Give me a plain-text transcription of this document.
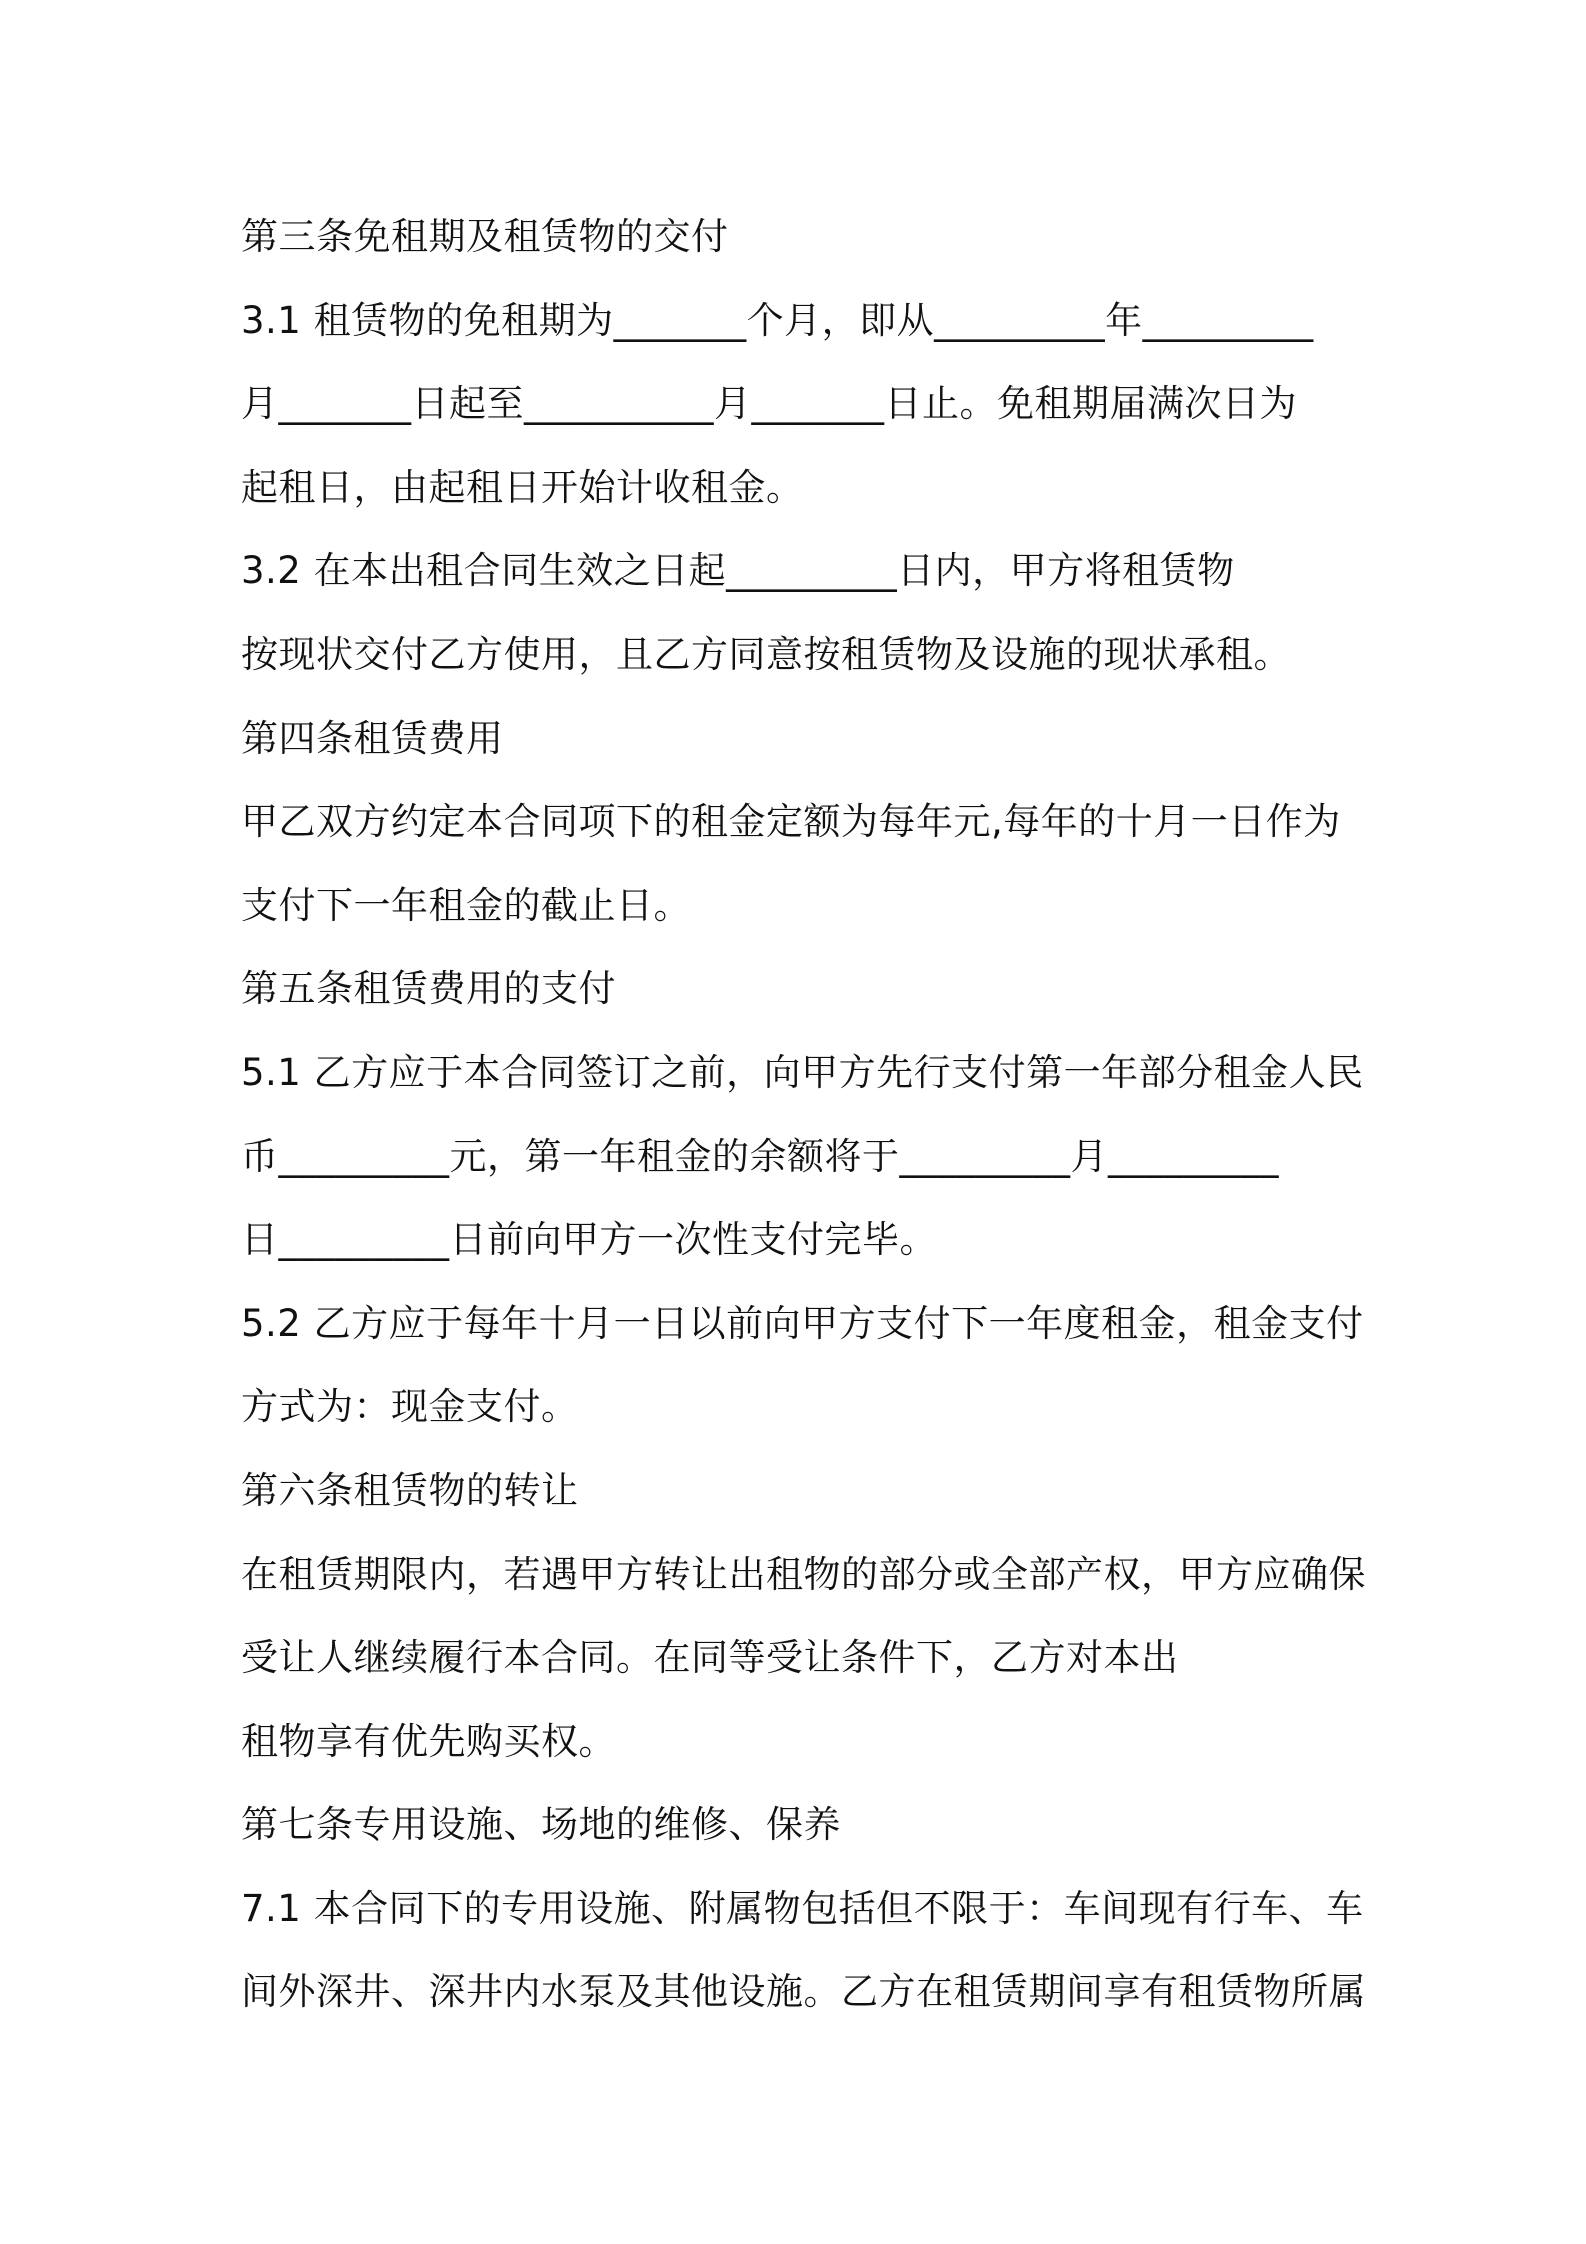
第三条免租期及租赁物的交付
3.1 租赁物的免租期为_______个月，即从_________年_________
月_______日起至__________月_______日止。免租期届满次日为
起租日，由起租日开始计收租金。
3.2 在本出租合同生效之日起_________日内，甲方将租赁物
按现状交付乙方使用，且乙方同意按租赁物及设施的现状承租。
第四条租赁费用
甲乙双方约定本合同项下的租金定额为每年元,每年的十月一日作为
支付下一年租金的截止日。
第五条租赁费用的支付
5.1 乙方应于本合同签订之前，向甲方先行支付第一年部分租金人民
币_________元，第一年租金的余额将于_________月_________
日_________日前向甲方一次性支付完毕。
5.2 乙方应于每年十月一日以前向甲方支付下一年度租金，租金支付
方式为：现金支付。
第六条租赁物的转让
在租赁期限内，若遇甲方转让出租物的部分或全部产权，甲方应确保
受让人继续履行本合同。在同等受让条件下，乙方对本出
租物享有优先购买权。
第七条专用设施、场地的维修、保养
7.1 本合同下的专用设施、附属物包括但不限于：车间现有行车、车
间外深井、深井内水泵及其他设施。乙方在租赁期间享有租赁物所属
